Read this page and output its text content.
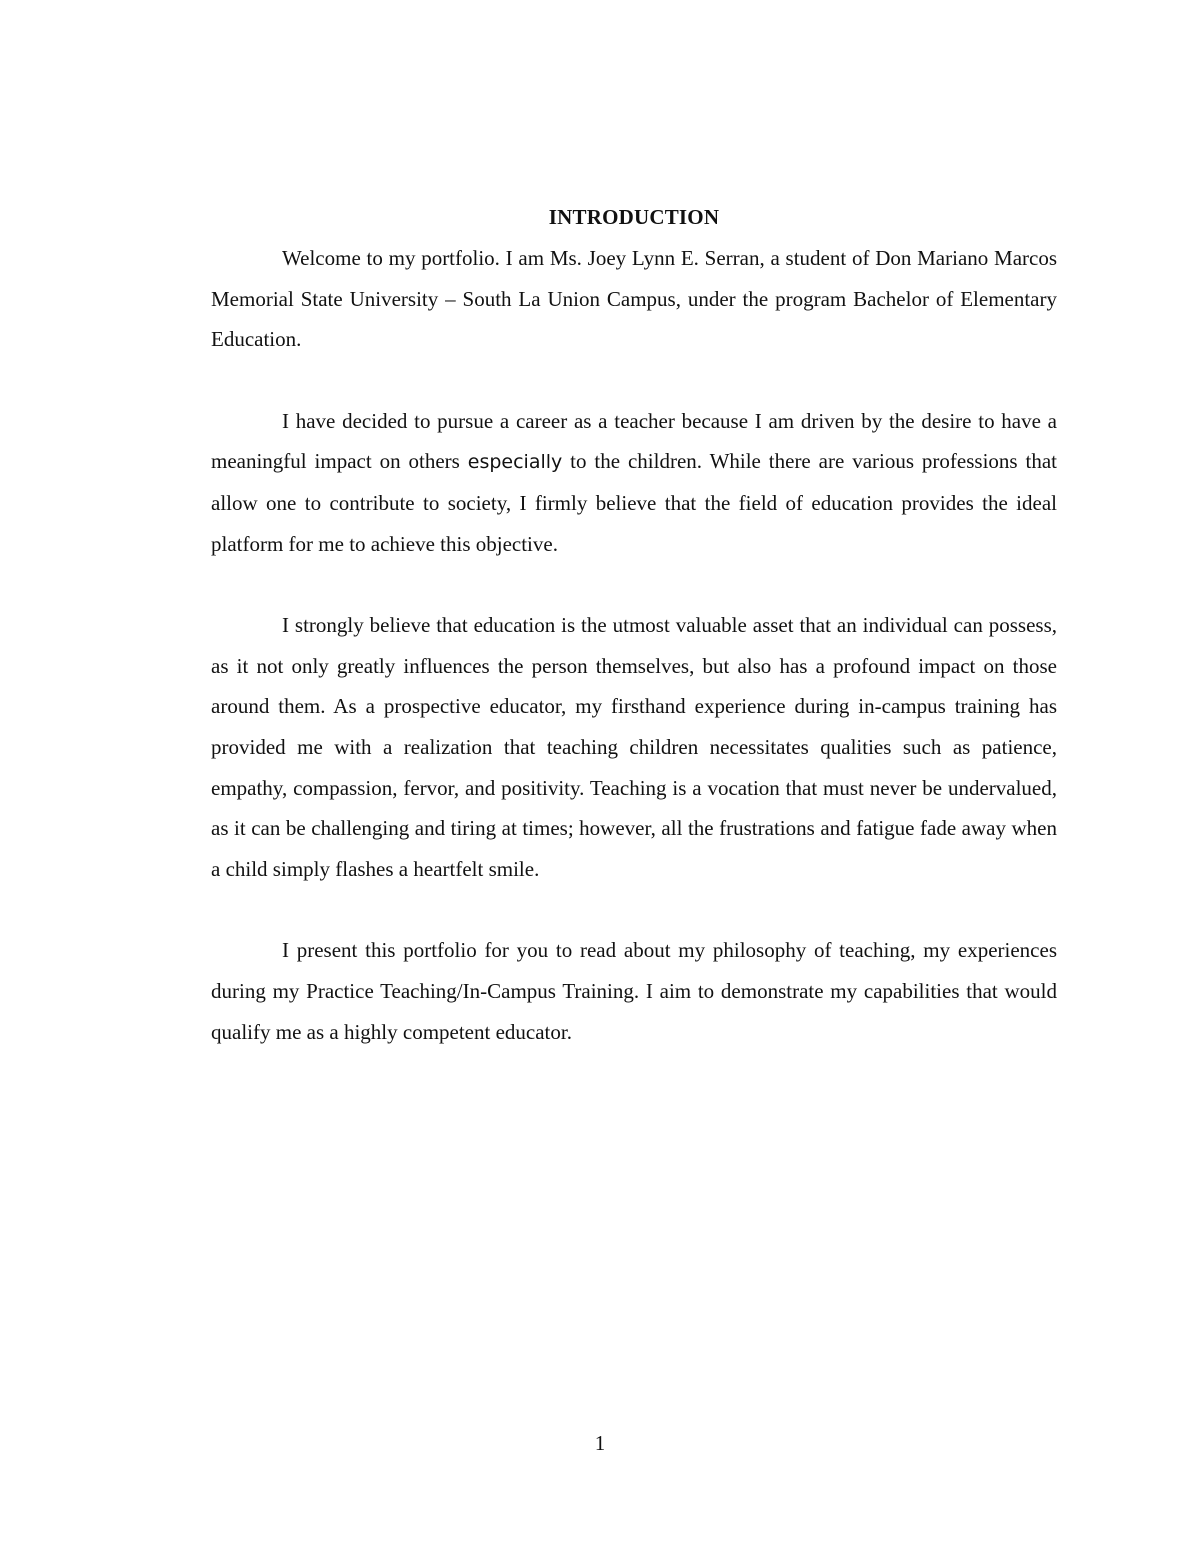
INTRODUCTION

Welcome to my portfolio. I am Ms. Joey Lynn E. Serran, a student of Don Mariano Marcos Memorial State University – South La Union Campus, under the program Bachelor of Elementary Education.

I have decided to pursue a career as a teacher because I am driven by the desire to have a meaningful impact on others especially to the children. While there are various professions that allow one to contribute to society, I firmly believe that the field of education provides the ideal platform for me to achieve this objective.

I strongly believe that education is the utmost valuable asset that an individual can possess, as it not only greatly influences the person themselves, but also has a profound impact on those around them. As a prospective educator, my firsthand experience during in-campus training has provided me with a realization that teaching children necessitates qualities such as patience, empathy, compassion, fervor, and positivity. Teaching is a vocation that must never be undervalued, as it can be challenging and tiring at times; however, all the frustrations and fatigue fade away when a child simply flashes a heartfelt smile.

I present this portfolio for you to read about my philosophy of teaching, my experiences during my Practice Teaching/In-Campus Training. I aim to demonstrate my capabilities that would qualify me as a highly competent educator.

1
